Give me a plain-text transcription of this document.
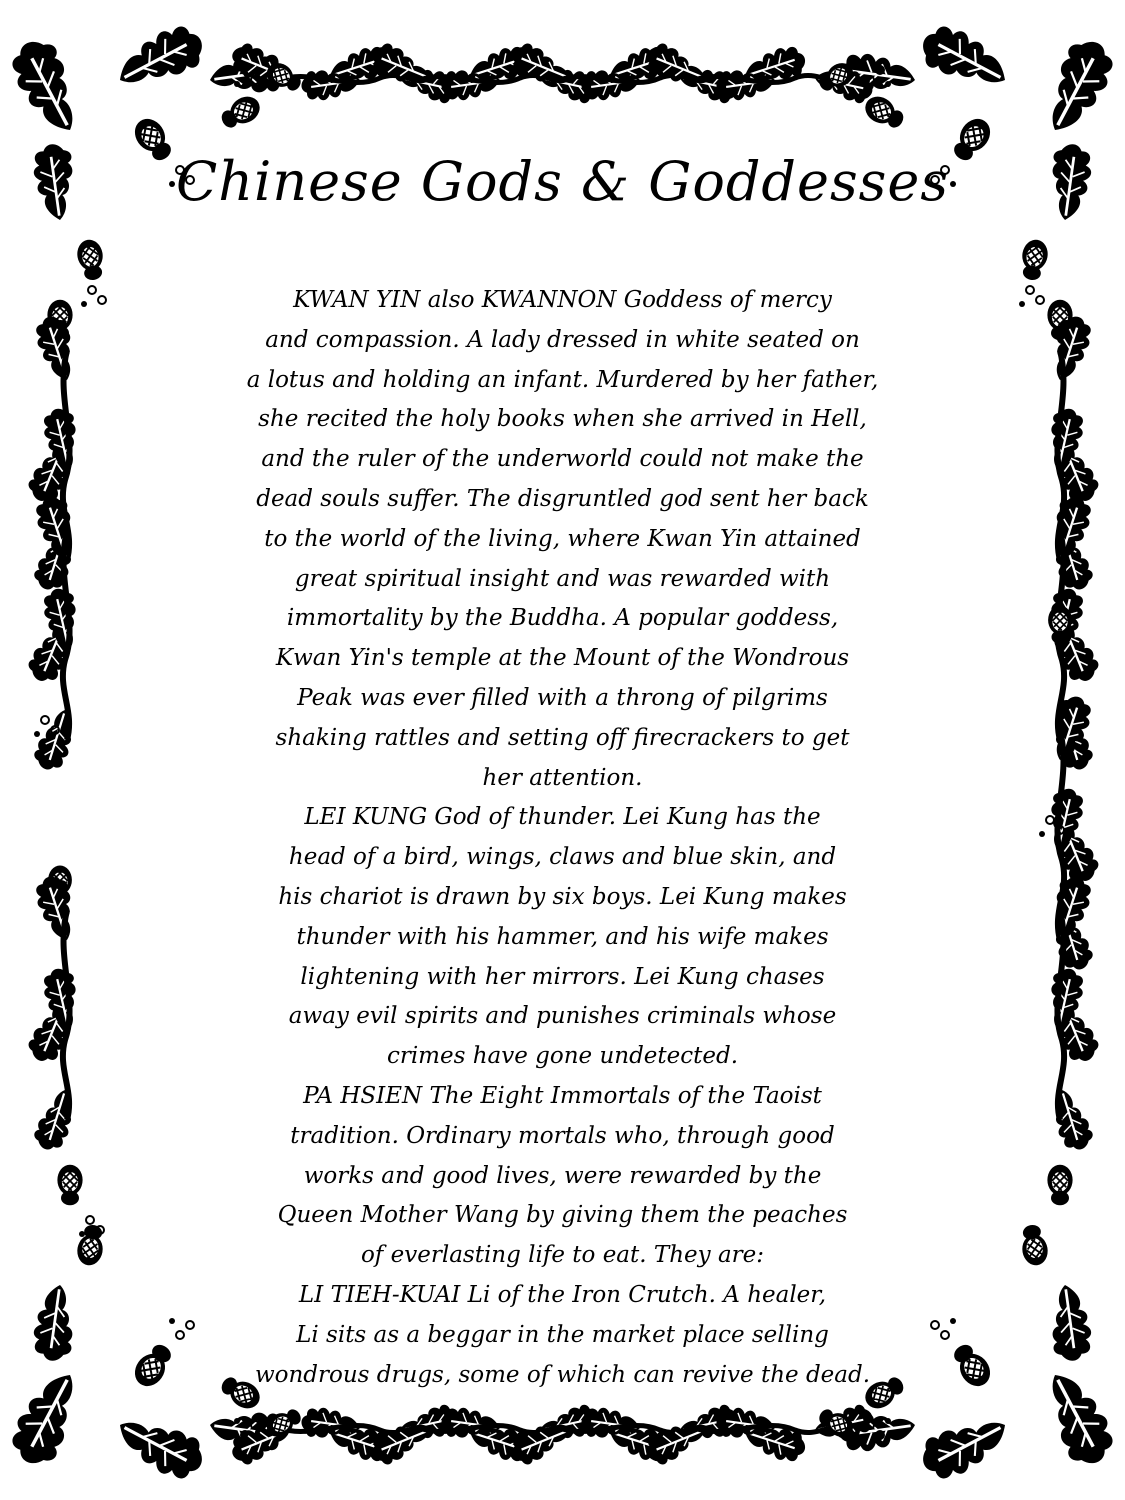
Chinese Gods & Goddesses
KWAN YIN also KWANNON Goddess of mercy
and compassion. A lady dressed in white seated on
a lotus and holding an infant. Murdered by her father,
she recited the holy books when she arrived in Hell,
and the ruler of the underworld could not make the
dead souls suffer. The disgruntled god sent her back
to the world of the living, where Kwan Yin attained
great spiritual insight and was rewarded with
immortality by the Buddha. A popular goddess,
Kwan Yin's temple at the Mount of the Wondrous
Peak was ever filled with a throng of pilgrims
shaking rattles and setting off firecrackers to get
her attention.
LEI KUNG God of thunder. Lei Kung has the
head of a bird, wings, claws and blue skin, and
his chariot is drawn by six boys. Lei Kung makes
thunder with his hammer, and his wife makes
lightening with her mirrors. Lei Kung chases
away evil spirits and punishes criminals whose
crimes have gone undetected.
PA HSIEN The Eight Immortals of the Taoist
tradition. Ordinary mortals who, through good
works and good lives, were rewarded by the
Queen Mother Wang by giving them the peaches
of everlasting life to eat. They are:
LI TIEH-KUAI Li of the Iron Crutch. A healer,
Li sits as a beggar in the market place selling
wondrous drugs, some of which can revive the dead.
